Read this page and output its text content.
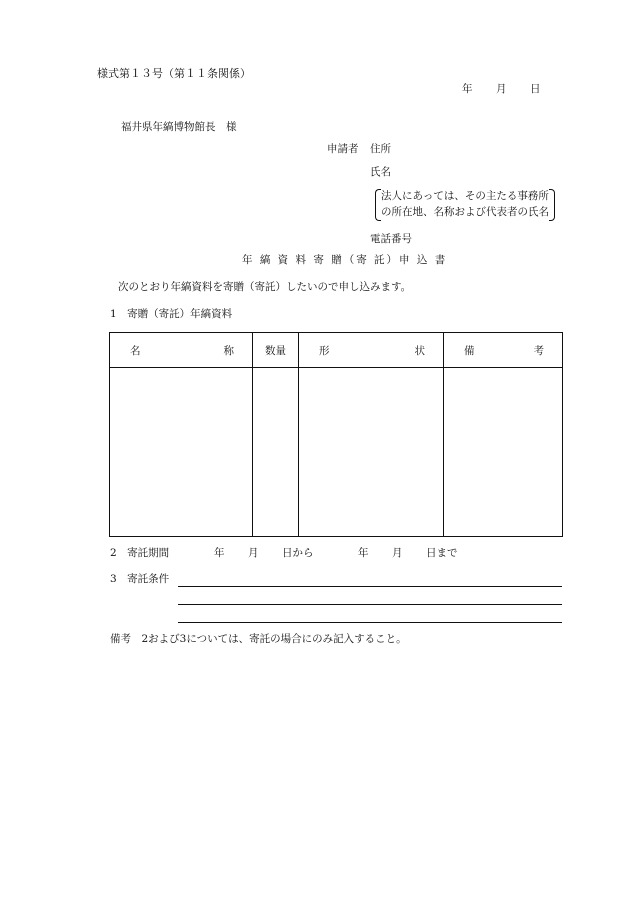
様式第１３号（第１１条関係）
年 月 日
福井県年縞博物館長　様
申請者 住所
氏名
法人にあっては、その主たる事務所
の所在地、名称および代表者の氏名
電話番号
年 縞 資 料 寄 贈（寄 託）申 込 書
次のとおり年縞資料を寄贈（寄託）したいので申し込みます。
1　寄贈（寄託）年縞資料
名 称	数量	形 状	備 考

2　寄託期間	年 月 日から	年 月 日まで
3　寄託条件
備考　2および3については、寄託の場合にのみ記入すること。
